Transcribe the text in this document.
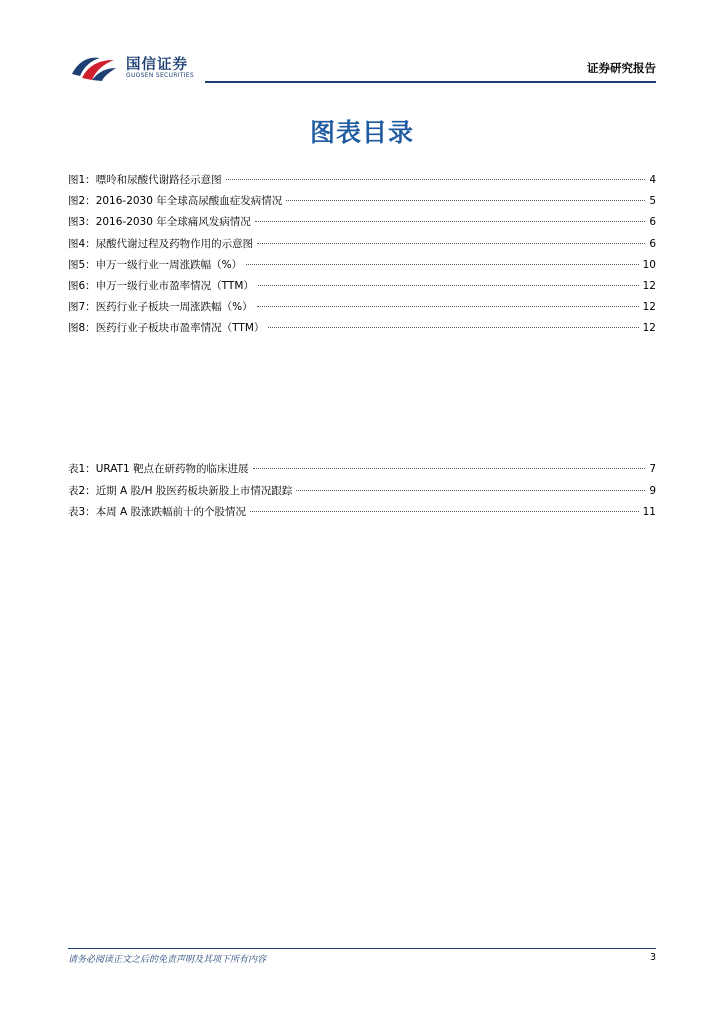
国信证券
GUOSEN SECURITIES
证券研究报告
图表目录
图1： 嘌呤和尿酸代谢路径示意图	4
图2： 2016-2030 年全球高尿酸血症发病情况	5
图3： 2016-2030 年全球痛风发病情况	6
图4： 尿酸代谢过程及药物作用的示意图	6
图5： 申万一级行业一周涨跌幅（%）	10
图6： 申万一级行业市盈率情况（TTM）	12
图7： 医药行业子板块一周涨跌幅（%）	12
图8： 医药行业子板块市盈率情况（TTM）	12
表1： URAT1 靶点在研药物的临床进展	7
表2： 近期 A 股/H 股医药板块新股上市情况跟踪	9
表3： 本周 A 股涨跌幅前十的个股情况	11
请务必阅读正文之后的免责声明及其项下所有内容	3
